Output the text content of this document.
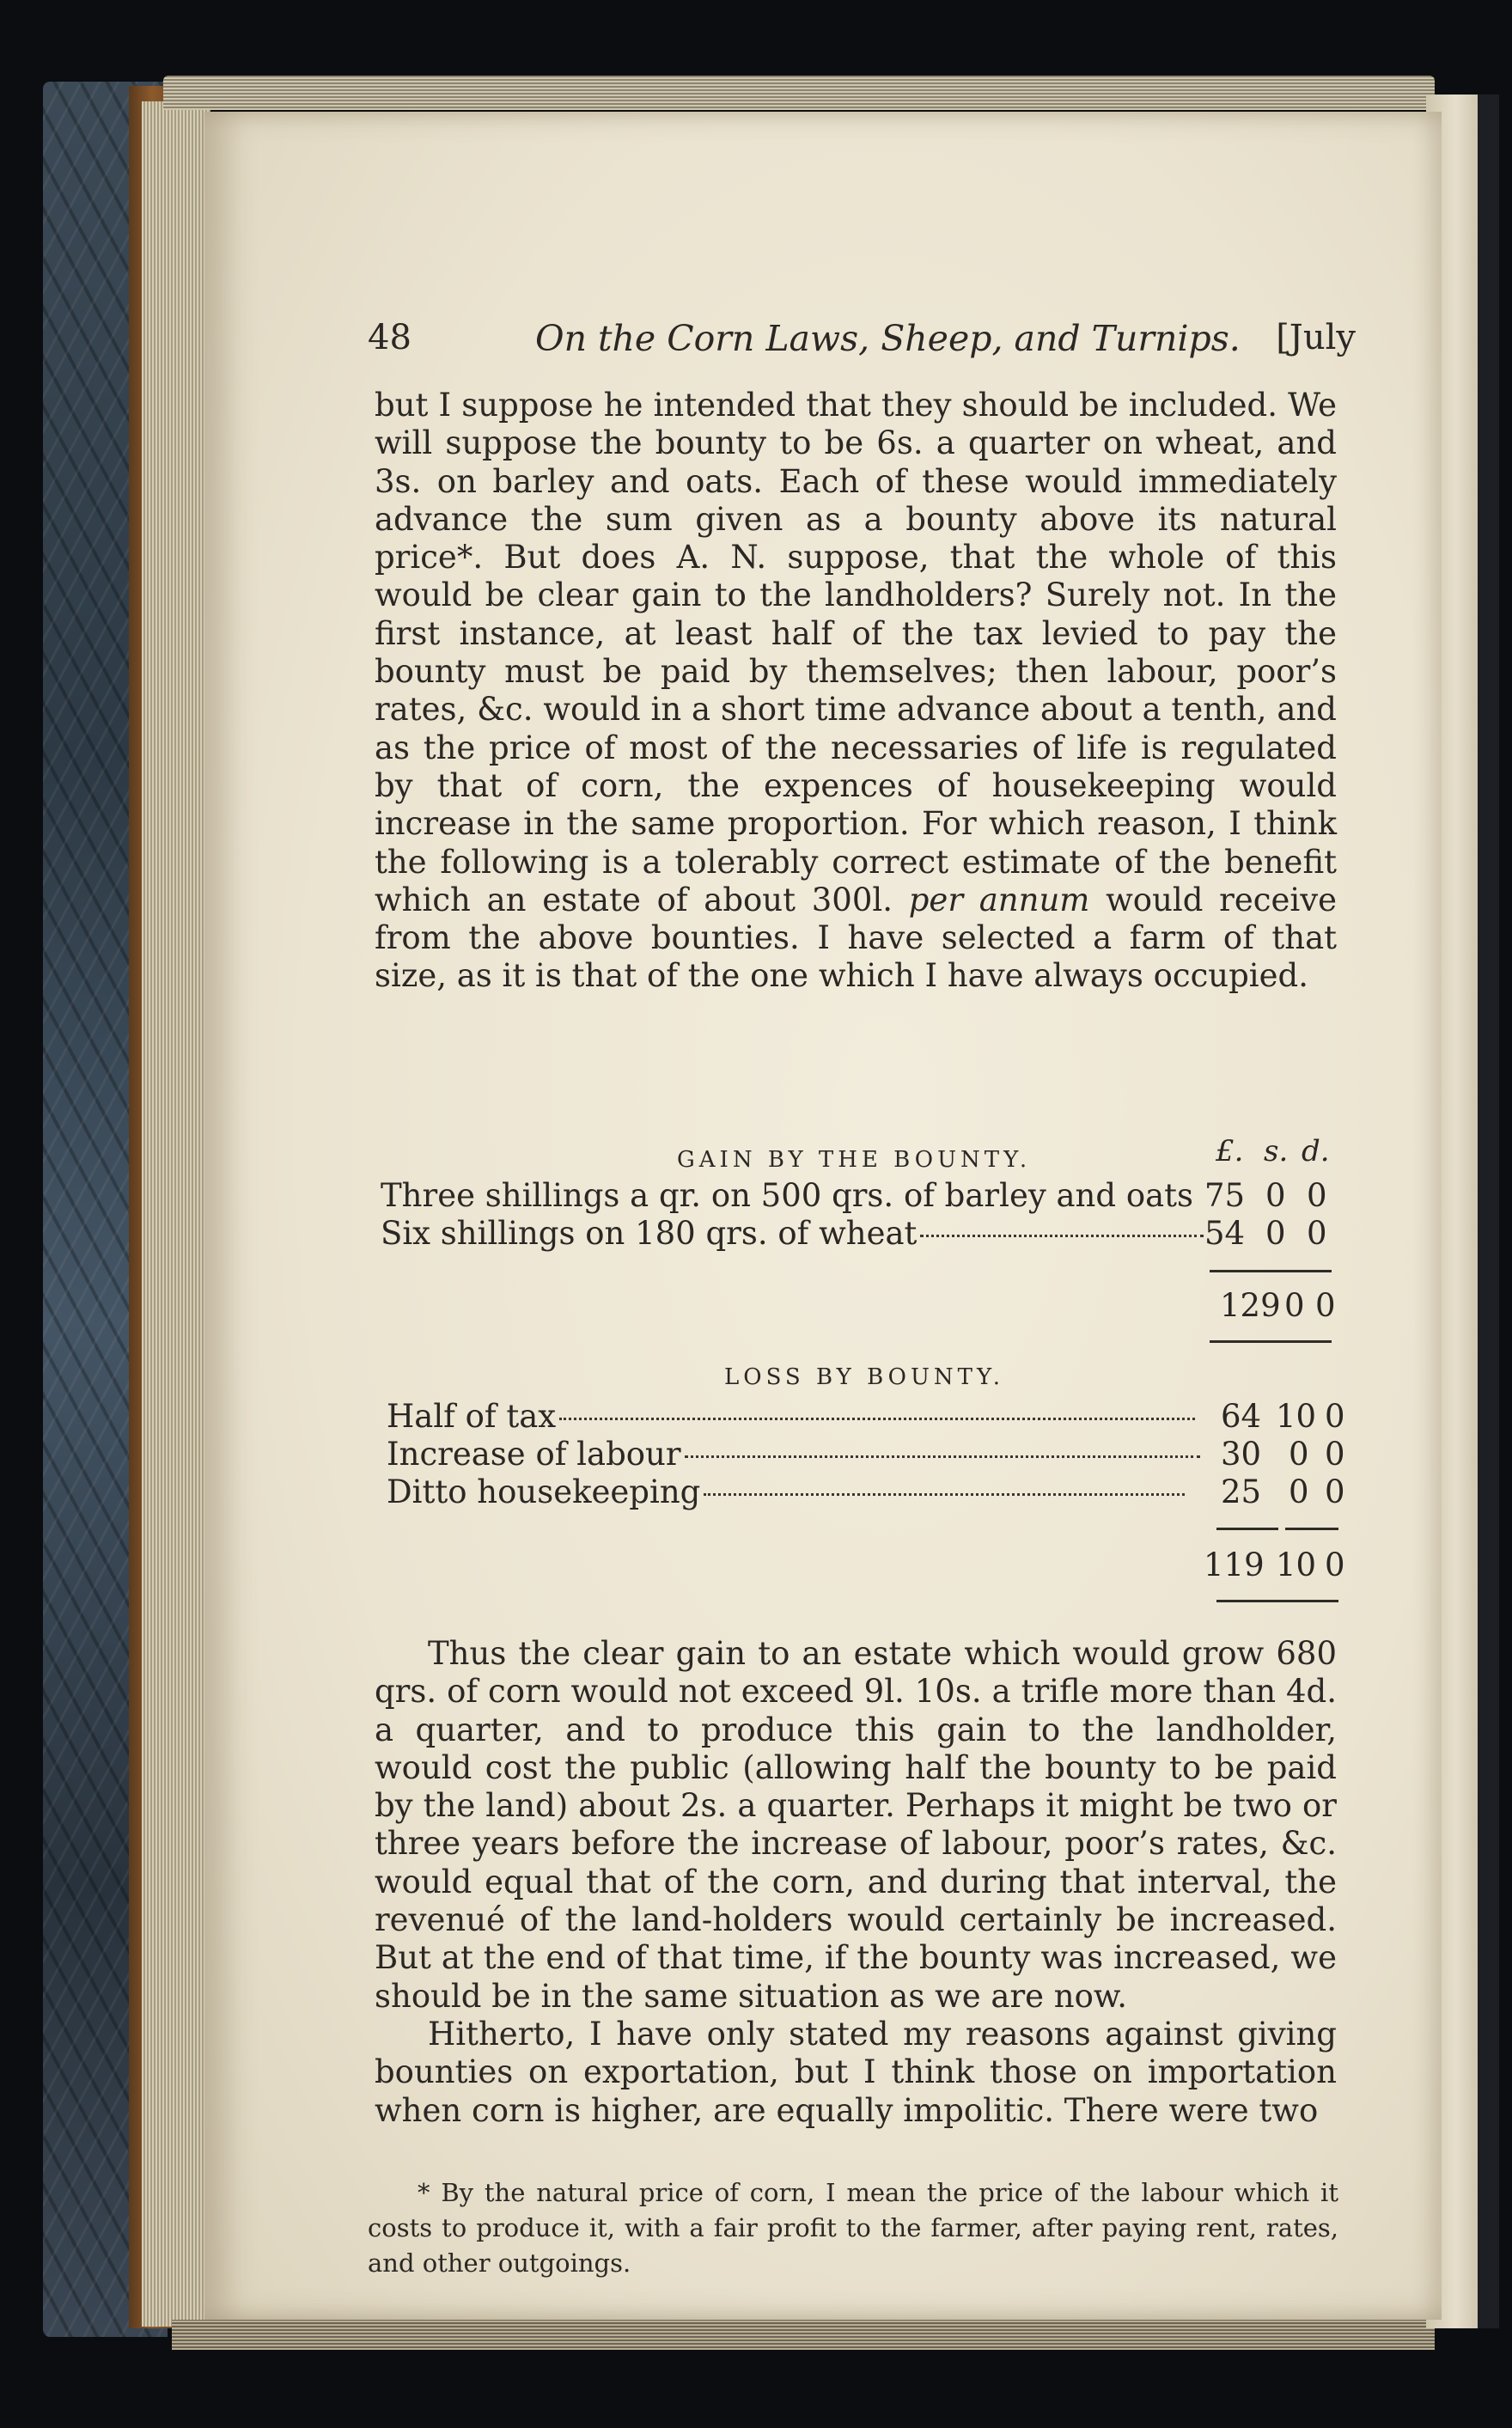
48	On the Corn Laws, Sheep, and Turnips. [July

but I suppose he intended that they should be included. We will suppose the bounty to be 6s. a quarter on wheat, and 3s. on barley and oats. Each of these would immediately advance the sum given as a bounty above its natural price*. But does A. N. suppose, that the whole of this would be clear gain to the landholders? Surely not. In the first instance, at least half of the tax levied to pay the bounty must be paid by themselves; then labour, poor’s rates, &c. would in a short time advance about a tenth, and as the price of most of the necessaries of life is regulated by that of corn, the expences of housekeeping would increase in the same proportion. For which reason, I think the following is a tolerably correct estimate of the benefit which an estate of about 300l. per annum would receive from the above bounties. I have selected a farm of that size, as it is that of the one which I have always occupied.

GAIN BY THE BOUNTY.	£. s. d.
Three shillings a qr. on 500 qrs. of barley and oats 75 0 0
Six shillings on 180 qrs. of wheat	54 0 0
129 0 0
LOSS BY BOUNTY.
Half of tax	64 10 0
Increase of labour	30 0 0
Ditto housekeeping	25 0 0
119 10 0

Thus the clear gain to an estate which would grow 680 qrs. of corn would not exceed 9l. 10s. a trifle more than 4d. a quarter, and to produce this gain to the landholder, would cost the public (allowing half the bounty to be paid by the land) about 2s. a quarter. Perhaps it might be two or three years before the increase of labour, poor’s rates, &c. would equal that of the corn, and during that interval, the revenué of the land-holders would certainly be increased. But at the end of that time, if the bounty was increased, we should be in the same situation as we are now.

Hitherto, I have only stated my reasons against giving bounties on exportation, but I think those on importation when corn is higher, are equally impolitic. There were two

* By the natural price of corn, I mean the price of the labour which it costs to produce it, with a fair profit to the farmer, after paying rent, rates, and other outgoings.
